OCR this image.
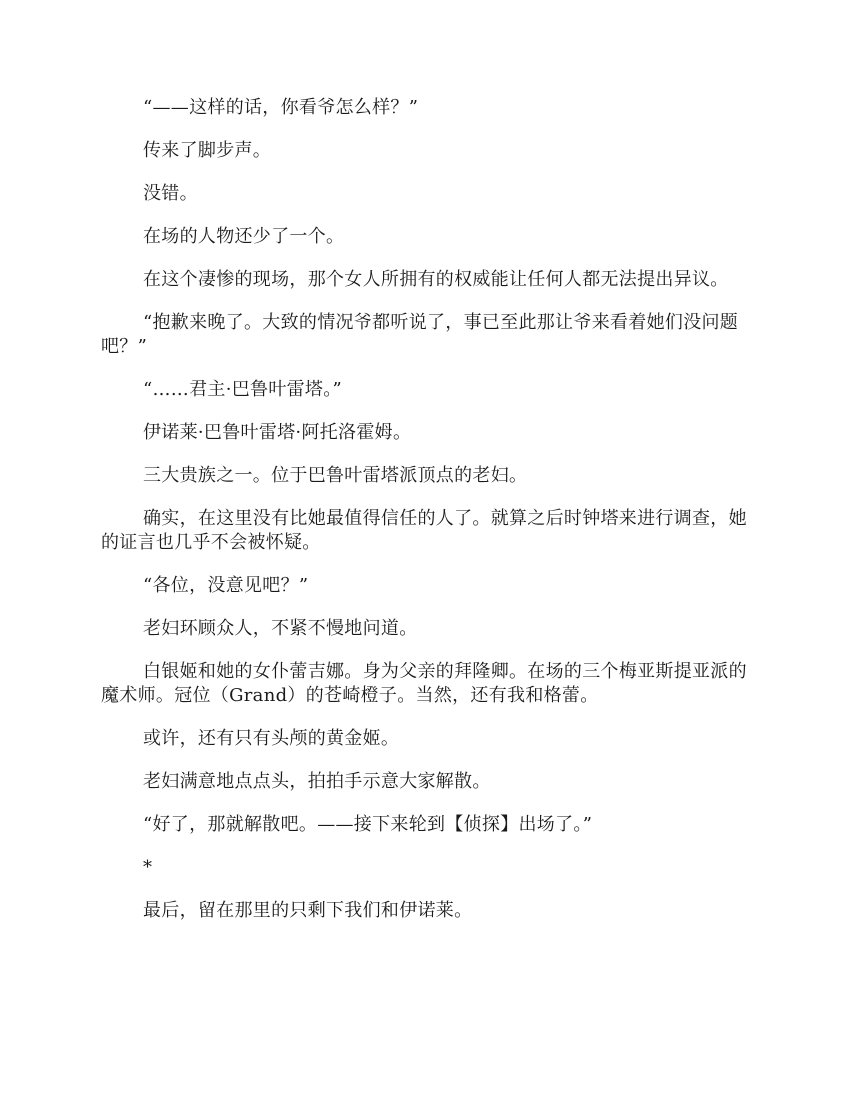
“——这样的话，你看爷怎么样？”

传来了脚步声。

没错。

在场的人物还少了一个。

在这个凄惨的现场，那个女人所拥有的权威能让任何人都无法提出异议。

“抱歉来晚了。大致的情况爷都听说了，事已至此那让爷来看着她们没问题吧？”

“……君主·巴鲁叶雷塔。”

伊诺莱·巴鲁叶雷塔·阿托洛霍姆。

三大贵族之一。位于巴鲁叶雷塔派顶点的老妇。

确实，在这里没有比她最值得信任的人了。就算之后时钟塔来进行调查，她的证言也几乎不会被怀疑。

“各位，没意见吧？”

老妇环顾众人，不紧不慢地问道。

白银姬和她的女仆蕾吉娜。身为父亲的拜隆卿。在场的三个梅亚斯提亚派的魔术师。冠位（Grand）的苍崎橙子。当然，还有我和格蕾。

或许，还有只有头颅的黄金姬。

老妇满意地点点头，拍拍手示意大家解散。

“好了，那就解散吧。——接下来轮到【侦探】出场了。”

*

最后，留在那里的只剩下我们和伊诺莱。
